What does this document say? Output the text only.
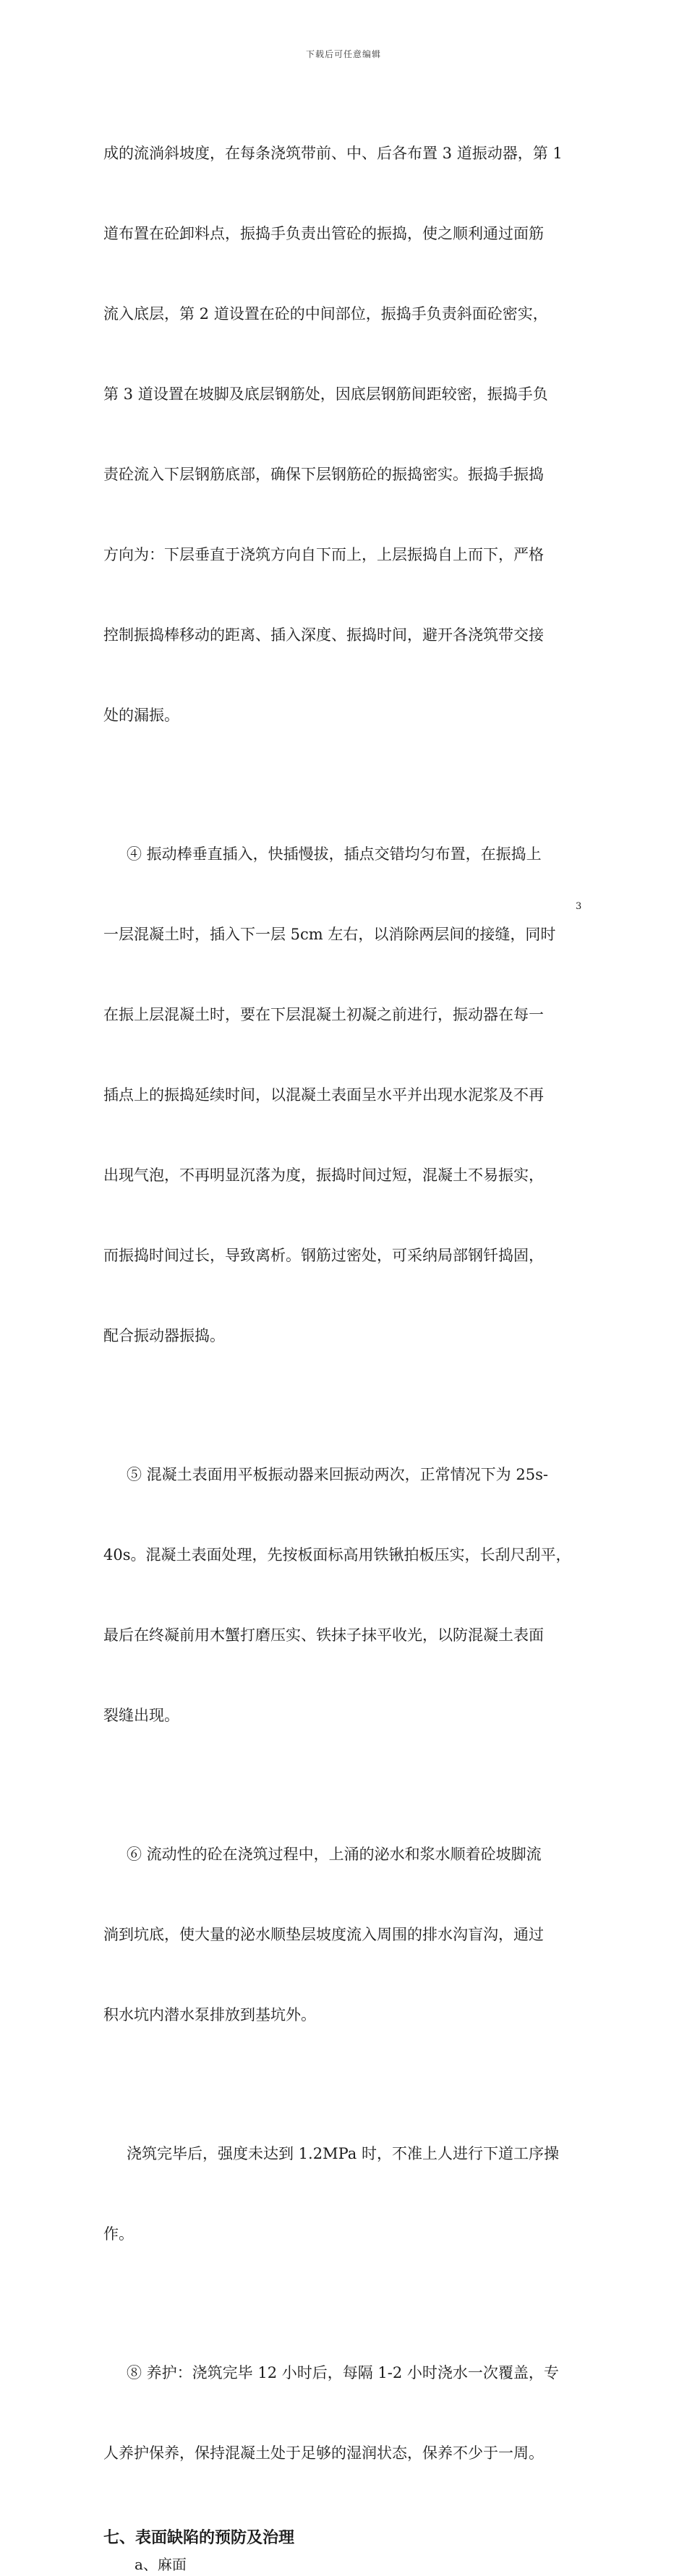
下载后可任意编辑

成的流淌斜坡度，在每条浇筑带前、中、后各布置 3 道振动器，第 1

道布置在砼卸料点，振捣手负责出管砼的振捣，使之顺利通过面筋

流入底层，第 2 道设置在砼的中间部位，振捣手负责斜面砼密实，

第 3 道设置在坡脚及底层钢筋处，因底层钢筋间距较密，振捣手负

责砼流入下层钢筋底部，确保下层钢筋砼的振捣密实。振捣手振捣

方向为：下层垂直于浇筑方向自下而上，上层振捣自上而下，严格

控制振捣棒移动的距离、插入深度、振捣时间，避开各浇筑带交接

处的漏振。

④ 振动棒垂直插入，快插慢拔，插点交错均匀布置，在振捣上

一层混凝土时，插入下一层 5cm 左右，以消除两层间的接缝，同时

在振上层混凝土时，要在下层混凝土初凝之前进行，振动器在每一

插点上的振捣延续时间，以混凝土表面呈水平并出现水泥浆及不再

出现气泡，不再明显沉落为度，振捣时间过短，混凝土不易振实，

而振捣时间过长，导致离析。钢筋过密处，可采纳局部钢钎捣固，

配合振动器振捣。

⑤ 混凝土表面用平板振动器来回振动两次，正常情况下为 25s-

40s。混凝土表面处理，先按板面标高用铁锹拍板压实，长刮尺刮平，

最后在终凝前用木蟹打磨压实、铁抹子抹平收光，以防混凝土表面

裂缝出现。

⑥ 流动性的砼在浇筑过程中，上涌的泌水和浆水顺着砼坡脚流

淌到坑底，使大量的泌水顺垫层坡度流入周围的排水沟盲沟，通过

积水坑内潜水泵排放到基坑外。

浇筑完毕后，强度未达到 1.2MPa 时，不准上人进行下道工序操

作。

⑧ 养护：浇筑完毕 12 小时后，每隔 1-2 小时浇水一次覆盖，专

人养护保养，保持混凝土处于足够的湿润状态，保养不少于一周。

七、表面缺陷的预防及治理
a、麻面
3
